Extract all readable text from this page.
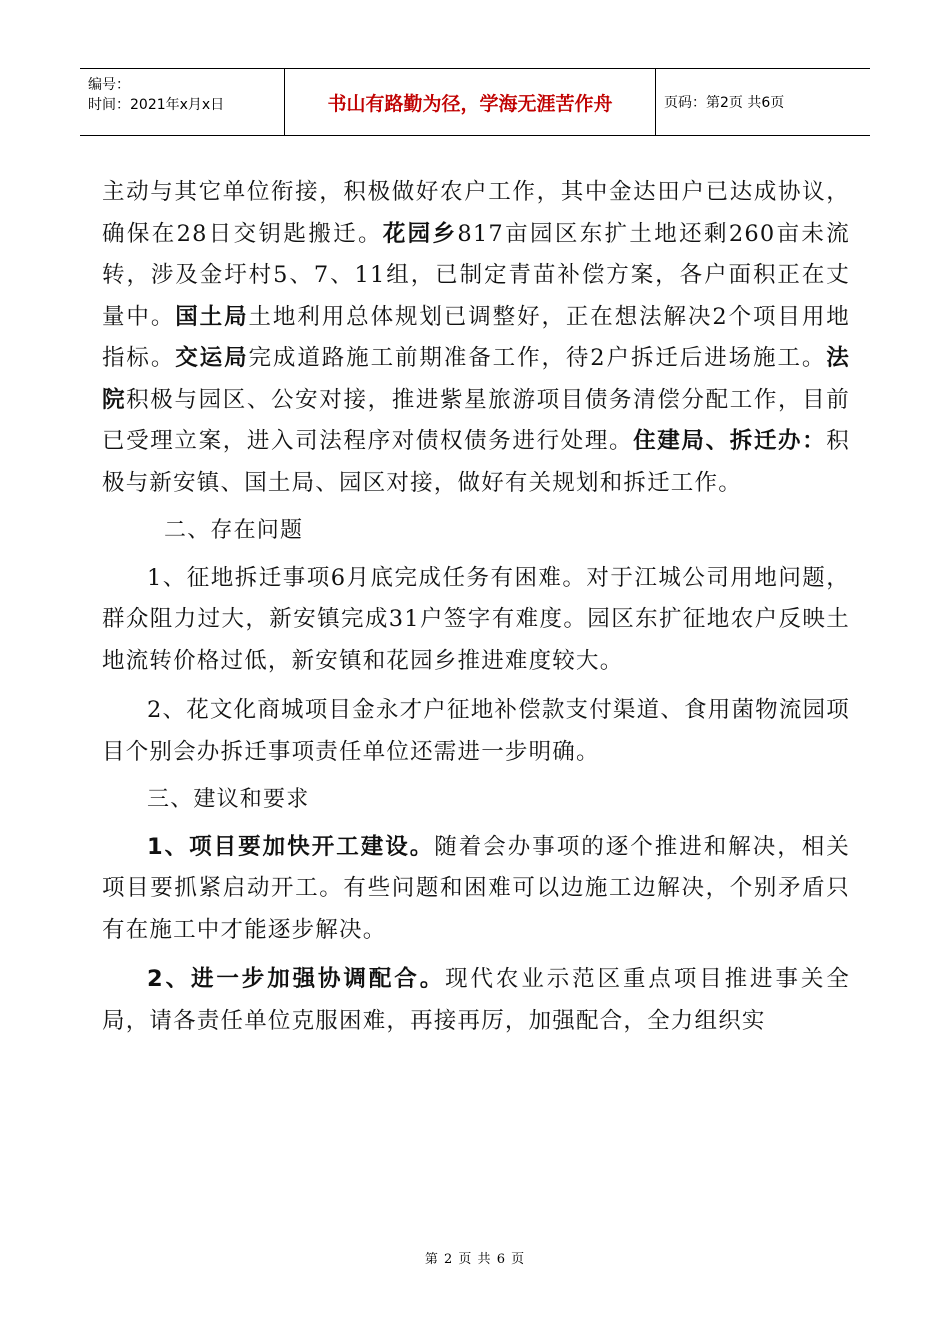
编号：
时间：2021年x月x日	书山有路勤为径，学海无涯苦作舟	页码：第2页 共6页

主动与其它单位衔接，积极做好农户工作，其中金达田户已达成协议，确保在28日交钥匙搬迁。花园乡817亩园区东扩土地还剩260亩未流转，涉及金圩村5、7、11组，已制定青苗补偿方案，各户面积正在丈量中。国土局土地利用总体规划已调整好，正在想法解决2个项目用地指标。交运局完成道路施工前期准备工作，待2户拆迁后进场施工。法院积极与园区、公安对接，推进紫星旅游项目债务清偿分配工作，目前已受理立案，进入司法程序对债权债务进行处理。住建局、拆迁办：积极与新安镇、国土局、园区对接，做好有关规划和拆迁工作。

二、存在问题

1、征地拆迁事项6月底完成任务有困难。对于江城公司用地问题，群众阻力过大，新安镇完成31户签字有难度。园区东扩征地农户反映土地流转价格过低，新安镇和花园乡推进难度较大。

2、花文化商城项目金永才户征地补偿款支付渠道、食用菌物流园项目个别会办拆迁事项责任单位还需进一步明确。

三、建议和要求

1、项目要加快开工建设。随着会办事项的逐个推进和解决，相关项目要抓紧启动开工。有些问题和困难可以边施工边解决，个别矛盾只有在施工中才能逐步解决。

2、进一步加强协调配合。现代农业示范区重点项目推进事关全局，请各责任单位克服困难，再接再厉，加强配合，全力组织实

第 2 页 共 6 页
